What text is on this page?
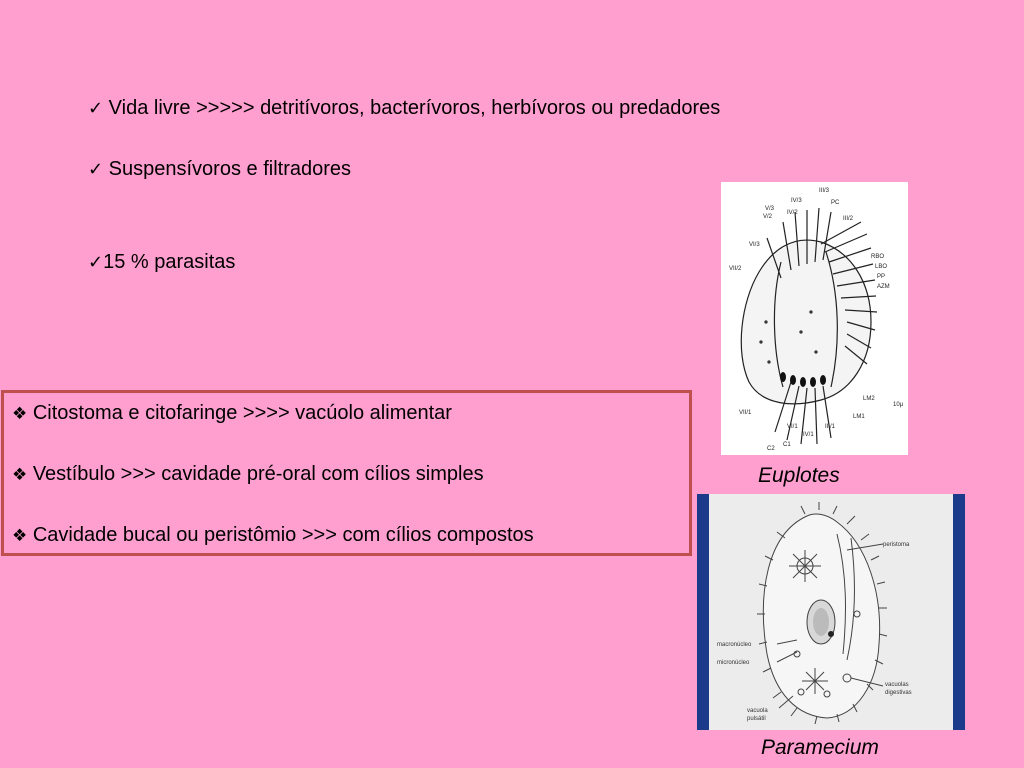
✓ Vida livre >>>>> detritívoros, bacterívoros, herbívoros ou predadores
✓ Suspensívoros e filtradores
✓15 % parasitas
❖ Citostoma e citofaringe >>>> vacúolo alimentar
❖ Vestíbulo >>> cavidade pré-oral com cílios simples
❖ Cavidade bucal ou peristômio >>> com cílios compostos
III/3
IV/3
V/3
V/2
IV/2
PC
III/2
VI/3
VII/2
RBO
LBO
PP
AZM
LM2
10μ
LM1
VII/1
VI/1
IV/1
III/1
C2
C1
Euplotes
peristoma
macronúcleo
micronúcleo
vacuolas
digestivas
vacuola
pulsátil
Paramecium
